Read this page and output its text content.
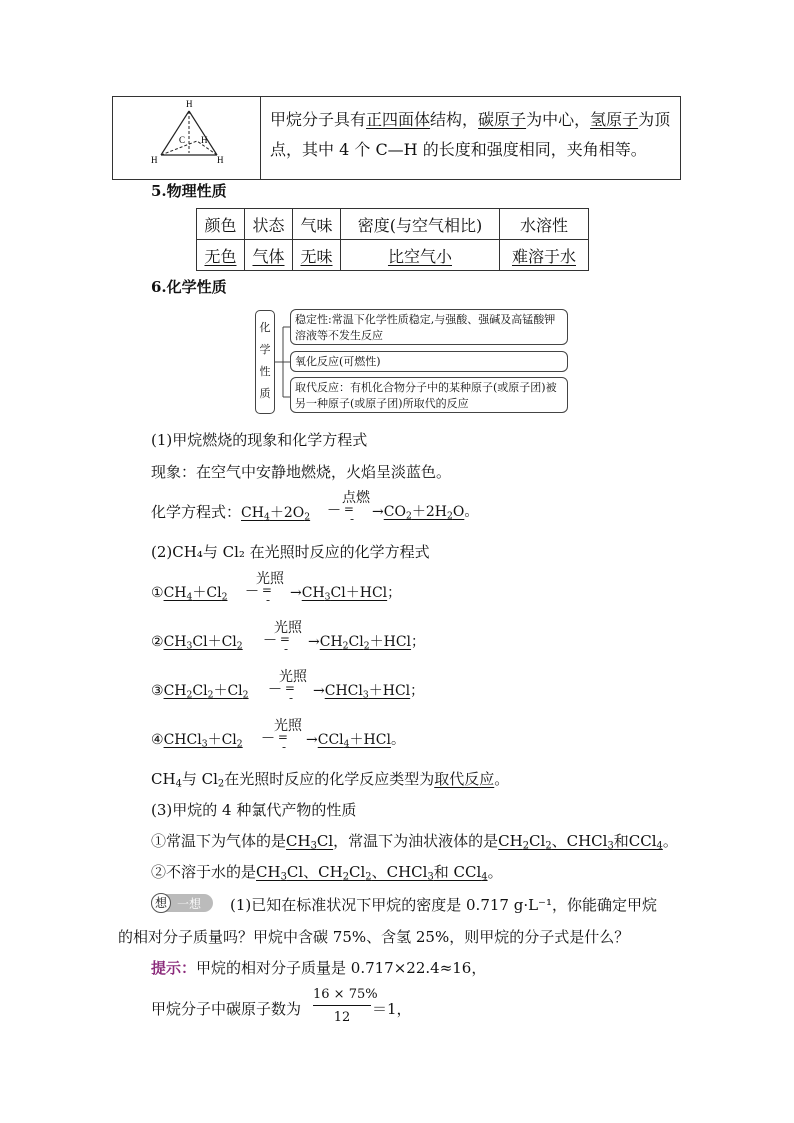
H
C H
H	H
甲烷分子具有正四面体结构，碳原子为中心，氢原子为顶点，其中 4 个 C—H 的长度和强度相同，夹角相等。
5.物理性质
颜色	状态	气味	密度(与空气相比)	水溶性
无色	气体	无味	比空气小	难溶于水
6.化学性质
化
学
性
质
稳定性:常温下化学性质稳定,与强酸、强碱及高锰酸钾溶液等不发生反应
氧化反应(可燃性)
取代反应：有机化合物分子中的某种原子(或原子团)被另一种原子(或原子团)所取代的反应
(1)甲烷燃烧的现象和化学方程式
现象：在空气中安静地燃烧，火焰呈淡蓝色。
化学方程式：$CH_4+2O_2$
点燃
— =
- $\to CO_2+2H_2O$。
(2)CH₄与 Cl₂ 在光照时反应的化学方程式
$①CH_4+Cl_2$
光照
— =
- $\to CH_3Cl+HCl$；
$②CH_3Cl+Cl_2$
光照
— =
- $\to CH_2Cl_2+HCl$；
$③CH_2Cl_2+Cl_2$
光照
— =
- →CHCl$_3$＋HCl；
$④CHCl_3+Cl_2$
光照
— =
- →CCl$_4$＋HCl。
$CH_4$与 $Cl_2$在光照时反应的化学反应类型为取代反应。
(3)甲烷的 4 种氯代产物的性质
①常温下为气体的是$CH_3Cl$，常温下为油状液体的是$CH_2Cl_2$、CHCl$_3$和CCl$_4$。
②不溶于水的是$CH_3Cl$、$CH_2Cl_2$、CHCl$_3$和 CCl$_4$。
想 一想 (1)已知在标准状况下甲烷的密度是 0.717 g·L⁻¹，你能确定甲烷
的相对分子质量吗？甲烷中含碳 75%、含氢 25%，则甲烷的分子式是什么？
提示：甲烷的相对分子质量是 0.717×22.4≈16，
甲烷分子中碳原子数为
16 × 75%
12	＝1，
